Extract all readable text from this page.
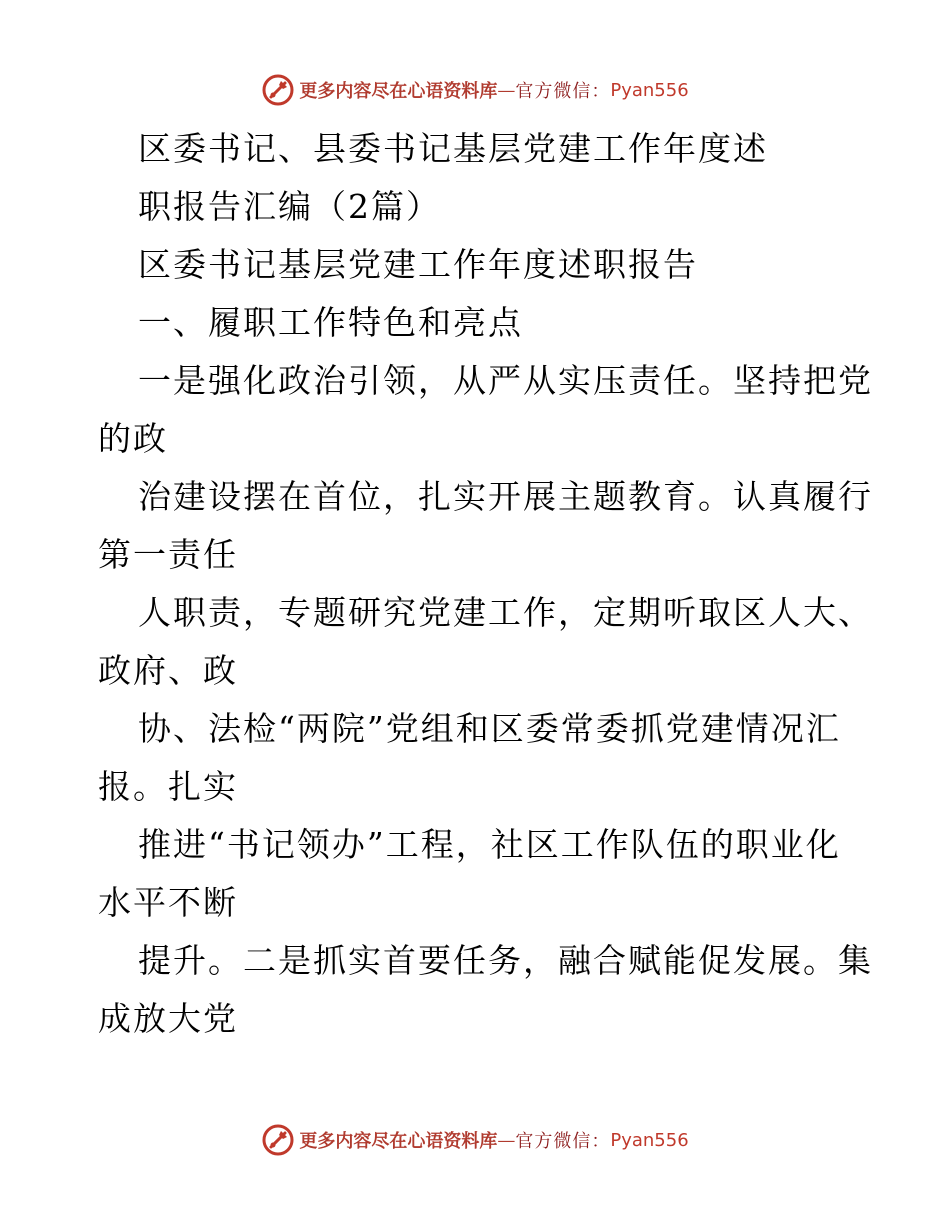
更多内容尽在心语资料库 — 官方微信： Pyan556
区委书记、县委书记基层党建工作年度述
职报告汇编（2篇）
区委书记基层党建工作年度述职报告
一、履职工作特色和亮点
一是强化政治引领，从严从实压责任。坚持把党
的政
治建设摆在首位，扎实开展主题教育。认真履行
第一责任
人职责，专题研究党建工作，定期听取区人大、
政府、政
协、法检“两院”党组和区委常委抓党建情况汇
报。扎实
推进“书记领办”工程，社区工作队伍的职业化
水平不断
提升。二是抓实首要任务，融合赋能促发展。集
成放大党
更多内容尽在心语资料库 — 官方微信： Pyan556
